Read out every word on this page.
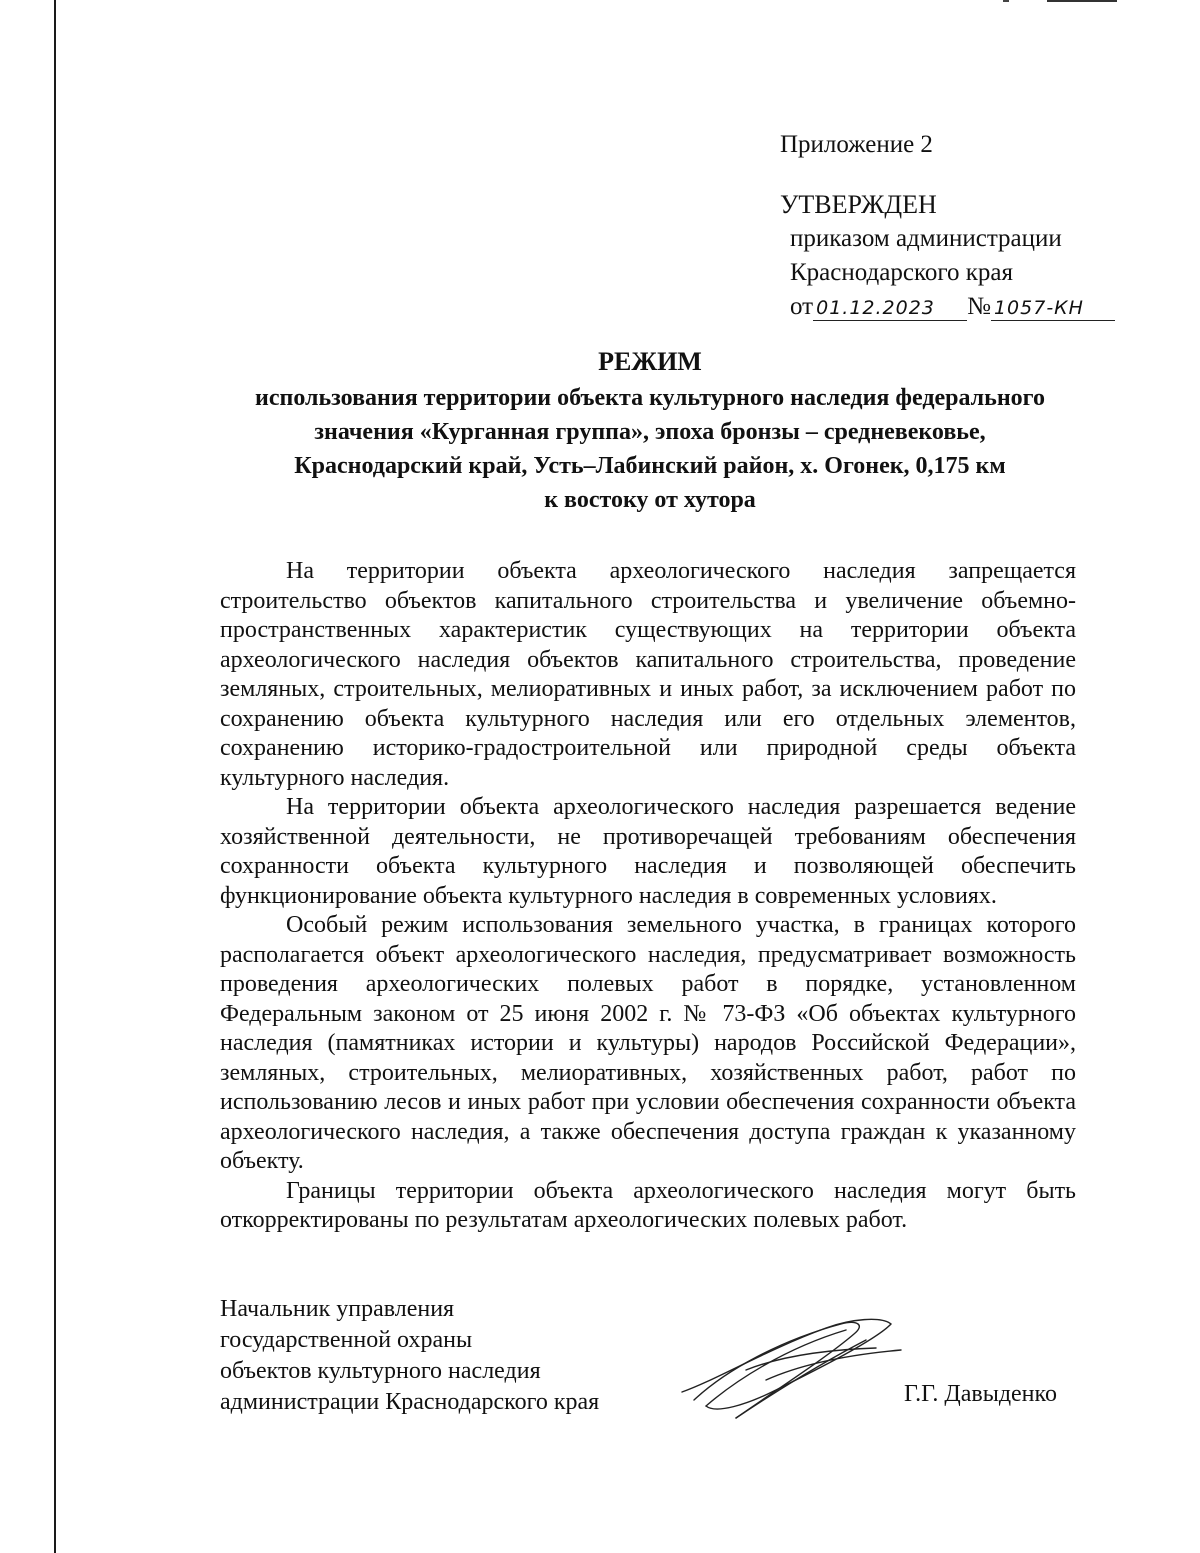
Приложение 2
УТВЕРЖДЕН
приказом администрации
Краснодарского края
от 01.12.2023 № 1057-КН
РЕЖИМ
использования территории объекта культурного наследия федерального
значения «Курганная группа», эпоха бронзы – средневековье,
Краснодарский край, Усть–Лабинский район, х. Огонек, 0,175 км
к востоку от хутора

На территории объекта археологического наследия запрещается строительство объектов капитального строительства и увеличение объемно-пространственных характеристик существующих на территории объекта археологического наследия объектов капитального строительства, проведение земляных, строительных, мелиоративных и иных работ, за исключением работ по сохранению объекта культурного наследия или его отдельных элементов, сохранению историко-градостроительной или природной среды объекта культурного наследия.

На территории объекта археологического наследия разрешается ведение хозяйственной деятельности, не противоречащей требованиям обеспечения сохранности объекта культурного наследия и позволяющей обеспечить функционирование объекта культурного наследия в современных условиях.

Особый режим использования земельного участка, в границах которого располагается объект археологического наследия, предусматривает возможность проведения археологических полевых работ в порядке, установленном Федеральным законом от 25 июня 2002 г. № 73-ФЗ «Об объектах культурного наследия (памятниках истории и культуры) народов Российской Федерации», земляных, строительных, мелиоративных, хозяйственных работ, работ по использованию лесов и иных работ при условии обеспечения сохранности объекта археологического наследия, а также обеспечения доступа граждан к указанному объекту.

Границы территории объекта археологического наследия могут быть откорректированы по результатам археологических полевых работ.

Начальник управления
государственной охраны
объектов культурного наследия
администрации Краснодарского края	Г.Г. Давыденко
